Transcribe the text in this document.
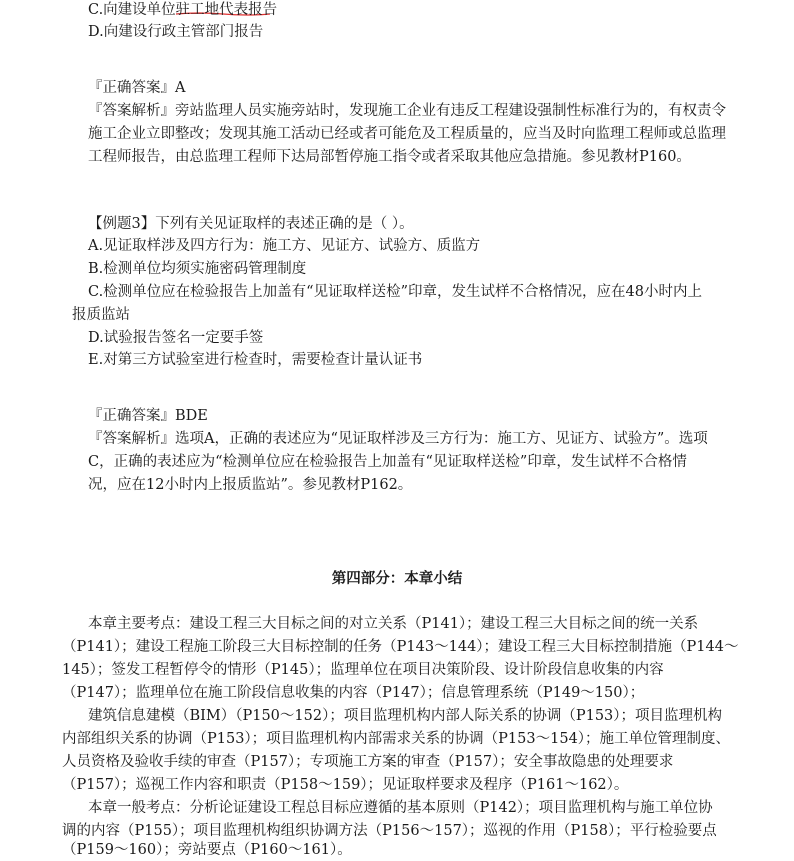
C.向建设单位驻工地代表报告
D.向建设行政主管部门报告
『正确答案』A
『答案解析』旁站监理人员实施旁站时，发现施工企业有违反工程建设强制性标准行为的，有权责令
施工企业立即整改；发现其施工活动已经或者可能危及工程质量的，应当及时向监理工程师或总监理
工程师报告，由总监理工程师下达局部暂停施工指令或者采取其他应急措施。参见教材P160。
【例题3】下列有关见证取样的表述正确的是（ ）。
A.见证取样涉及四方行为：施工方、见证方、试验方、质监方
B.检测单位均须实施密码管理制度
C.检测单位应在检验报告上加盖有“见证取样送检”印章，发生试样不合格情况，应在48小时内上
报质监站
D.试验报告签名一定要手签
E.对第三方试验室进行检查时，需要检查计量认证书
『正确答案』BDE
『答案解析』选项A，正确的表述应为“见证取样涉及三方行为：施工方、见证方、试验方”。选项
C，正确的表述应为“检测单位应在检验报告上加盖有“见证取样送检”印章，发生试样不合格情
况，应在12小时内上报质监站”。参见教材P162。
第四部分：本章小结
本章主要考点：建设工程三大目标之间的对立关系（P141）；建设工程三大目标之间的统一关系
（P141）；建设工程施工阶段三大目标控制的任务（P143～144）；建设工程三大目标控制措施（P144～
145）；签发工程暂停令的情形（P145）；监理单位在项目决策阶段、设计阶段信息收集的内容
（P147）；监理单位在施工阶段信息收集的内容（P147）；信息管理系统（P149～150）；
建筑信息建模（BIM）（P150～152）；项目监理机构内部人际关系的协调（P153）；项目监理机构
内部组织关系的协调（P153）；项目监理机构内部需求关系的协调（P153～154）；施工单位管理制度、
人员资格及验收手续的审查（P157）；专项施工方案的审查（P157）；安全事故隐患的处理要求
（P157）；巡视工作内容和职责（P158～159）；见证取样要求及程序（P161～162）。
本章一般考点：分析论证建设工程总目标应遵循的基本原则（P142）；项目监理机构与施工单位协
调的内容（P155）；项目监理机构组织协调方法（P156～157）；巡视的作用（P158）；平行检验要点
（P159～160）；旁站要点（P160～161）。
